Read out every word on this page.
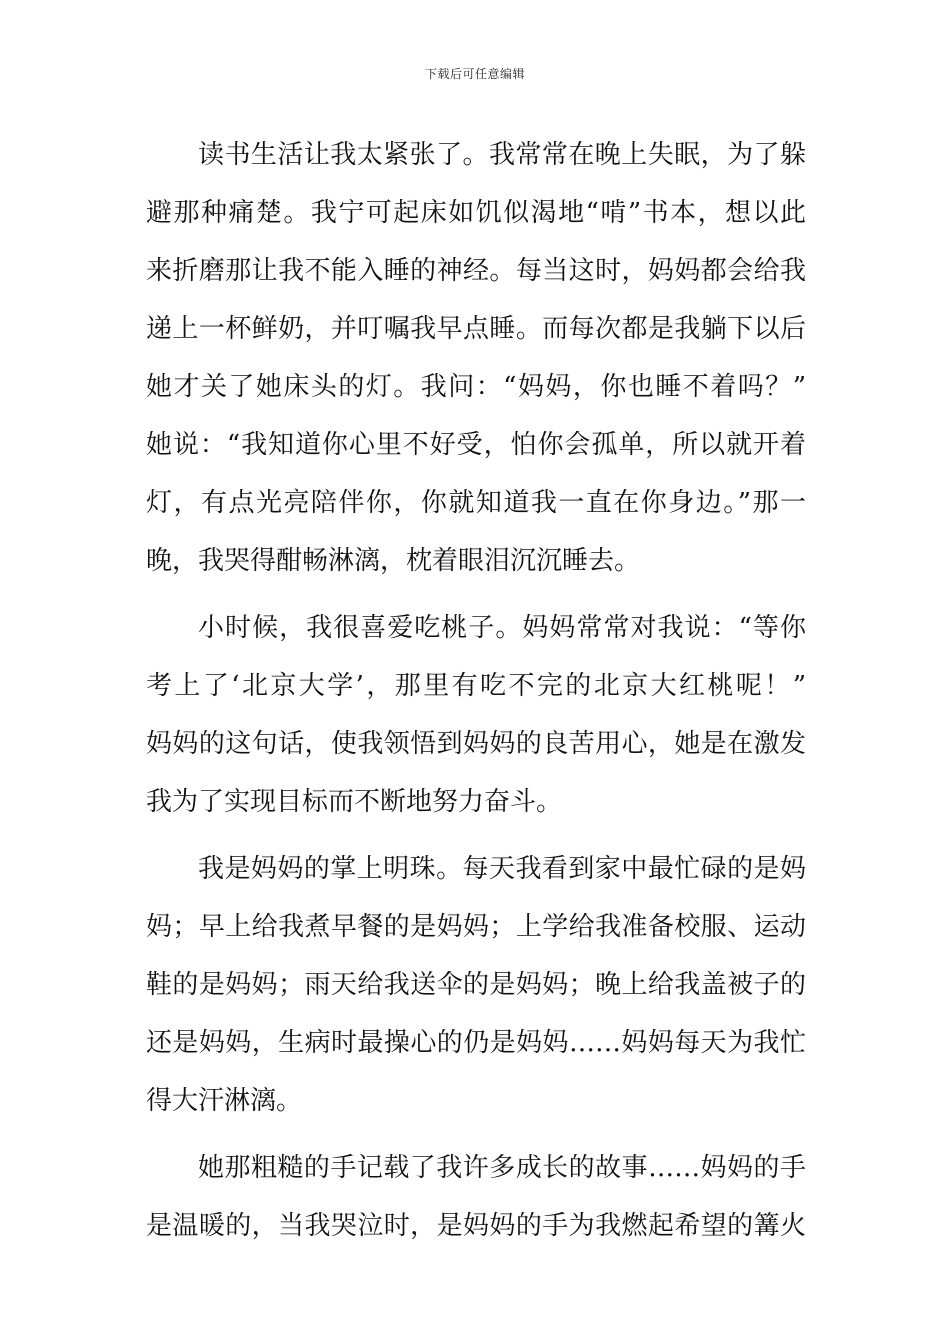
下载后可任意编辑
读书生活让我太紧张了。我常常在晚上失眠，为了躲
避那种痛楚。我宁可起床如饥似渴地“啃”书本，想以此
来折磨那让我不能入睡的神经。每当这时，妈妈都会给我
递上一杯鲜奶，并叮嘱我早点睡。而每次都是我躺下以后
她才关了她床头的灯。我问：“妈妈，你也睡不着吗？”
她说：“我知道你心里不好受，怕你会孤单，所以就开着
灯，有点光亮陪伴你，你就知道我一直在你身边。”那一
晚，我哭得酣畅淋漓，枕着眼泪沉沉睡去。
小时候，我很喜爱吃桃子。妈妈常常对我说：“等你
考上了‘北京大学’，那里有吃不完的北京大红桃呢！”
妈妈的这句话，使我领悟到妈妈的良苦用心，她是在激发
我为了实现目标而不断地努力奋斗。
我是妈妈的掌上明珠。每天我看到家中最忙碌的是妈
妈；早上给我煮早餐的是妈妈；上学给我准备校服、运动
鞋的是妈妈；雨天给我送伞的是妈妈；晚上给我盖被子的
还是妈妈，生病时最操心的仍是妈妈……妈妈每天为我忙
得大汗淋漓。
她那粗糙的手记载了我许多成长的故事……妈妈的手
是温暖的，当我哭泣时，是妈妈的手为我燃起希望的篝火
